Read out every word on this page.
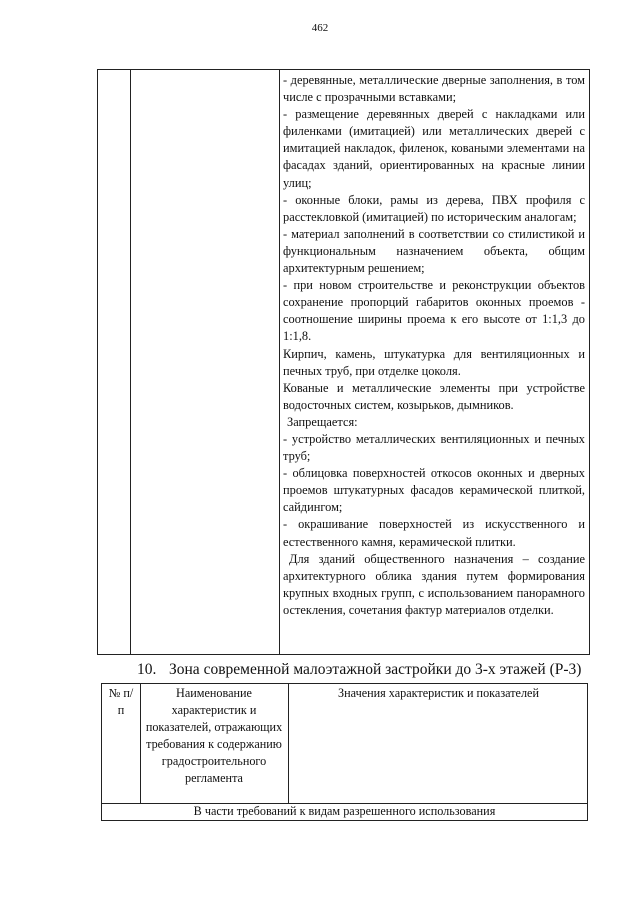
462

- деревянные, металлические дверные заполнения, в том числе с прозрачными вставками;

- размещение деревянных дверей с накладками или филенками (имитацией) или металлических дверей с имитацией накладок, филенок, коваными элементами на фасадах зданий, ориентированных на красные линии улиц;

- оконные блоки, рамы из дерева, ПВХ профиля с расстекловкой (имитацией) по историческим аналогам;

- материал заполнений в соответствии со стилистикой и функциональным назначением объекта, общим архитектурным решением;

- при новом строительстве и реконструкции объектов сохранение пропорций габаритов оконных проемов - соотношение ширины проема к его высоте от 1:1,3 до 1:1,8.

Кирпич, камень, штукатурка для вентиляционных и печных труб, при отделке цоколя.

Кованые и металлические элементы при устройстве водосточных систем, козырьков, дымников.

Запрещается:

- устройство металлических вентиляционных и печных труб;

- облицовка поверхностей откосов оконных и дверных проемов штукатурных фасадов керамической плиткой, сайдингом;

- окрашивание поверхностей из искусственного и естественного камня, керамической плитки.

Для зданий общественного назначения – создание архитектурного облика здания путем формирования крупных входных групп, с использованием панорамного остекления, сочетания фактур материалов отделки.

10. Зона современной малоэтажной застройки до 3-х этажей (Р-3)
№ п/п
Наименование характеристик и показателей, отражающих требования к содержанию градостроительного регламента
Значения характеристик и показателей
В части требований к видам разрешенного использования
